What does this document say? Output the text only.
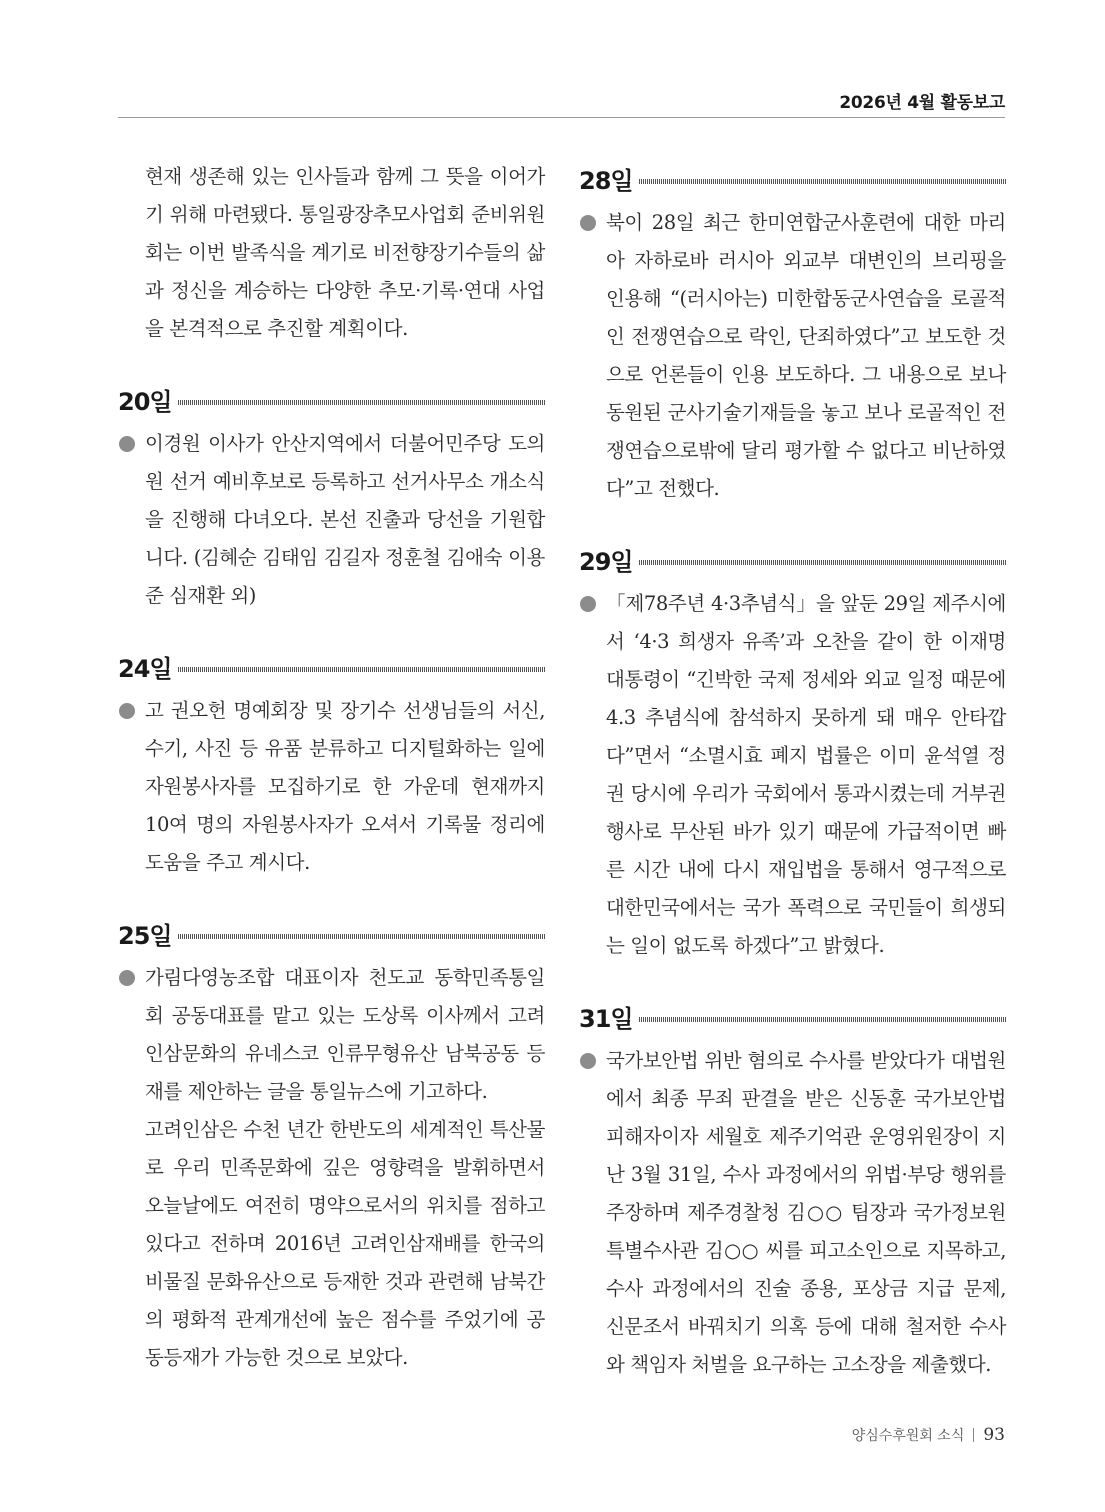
2026년 4월 활동보고

현재 생존해 있는 인사들과 함께 그 뜻을 이어가기 위해 마련됐다. 통일광장추모사업회 준비위원회는 이번 발족식을 계기로 비전향장기수들의 삶과 정신을 계승하는 다양한 추모·기록·연대 사업을 본격적으로 추진할 계획이다.

20일

이경원 이사가 안산지역에서 더불어민주당 도의원 선거 예비후보로 등록하고 선거사무소 개소식을 진행해 다녀오다. 본선 진출과 당선을 기원합니다. (김혜순 김태임 김길자 정훈철 김애숙 이용준 심재환 외)

24일

고 권오헌 명예회장 및 장기수 선생님들의 서신, 수기, 사진 등 유품 분류하고 디지털화하는 일에 자원봉사자를 모집하기로 한 가운데 현재까지 10여 명의 자원봉사자가 오셔서 기록물 정리에 도움을 주고 계시다.

25일

가림다영농조합 대표이자 천도교 동학민족통일회 공동대표를 맡고 있는 도상록 이사께서 고려인삼문화의 유네스코 인류무형유산 남북공동 등재를 제안하는 글을 통일뉴스에 기고하다.

고려인삼은 수천 년간 한반도의 세계적인 특산물로 우리 민족문화에 깊은 영향력을 발휘하면서 오늘날에도 여전히 명약으로서의 위치를 점하고 있다고 전하며 2016년 고려인삼재배를 한국의 비물질 문화유산으로 등재한 것과 관련해 남북간의 평화적 관계개선에 높은 점수를 주었기에 공동등재가 가능한 것으로 보았다.

28일

북이 28일 최근 한미연합군사훈련에 대한 마리아 자하로바 러시아 외교부 대변인의 브리핑을 인용해 “(러시아는) 미한합동군사연습을 로골적인 전쟁연습으로 락인, 단죄하였다”고 보도한 것으로 언론들이 인용 보도하다. 그 내용으로 보나 동원된 군사기술기재들을 놓고 보나 로골적인 전쟁연습으로밖에 달리 평가할 수 없다고 비난하였다”고 전했다.

29일

「제78주년 4·3추념식」을 앞둔 29일 제주시에서 ‘4·3 희생자 유족’과 오찬을 같이 한 이재명 대통령이 “긴박한 국제 정세와 외교 일정 때문에 4.3 추념식에 참석하지 못하게 돼 매우 안타깝다”면서 “소멸시효 폐지 법률은 이미 윤석열 정권 당시에 우리가 국회에서 통과시켰는데 거부권 행사로 무산된 바가 있기 때문에 가급적이면 빠른 시간 내에 다시 재입법을 통해서 영구적으로 대한민국에서는 국가 폭력으로 국민들이 희생되는 일이 없도록 하겠다”고 밝혔다.

31일

국가보안법 위반 혐의로 수사를 받았다가 대법원에서 최종 무죄 판결을 받은 신동훈 국가보안법 피해자이자 세월호 제주기억관 운영위원장이 지난 3월 31일, 수사 과정에서의 위법·부당 행위를 주장하며 제주경찰청 김○○ 팀장과 국가정보원 특별수사관 김○○ 씨를 피고소인으로 지목하고, 수사 과정에서의 진술 종용, 포상금 지급 문제, 신문조서 바꿔치기 의혹 등에 대해 철저한 수사와 책임자 처벌을 요구하는 고소장을 제출했다.

양심수후원회 소식 93
